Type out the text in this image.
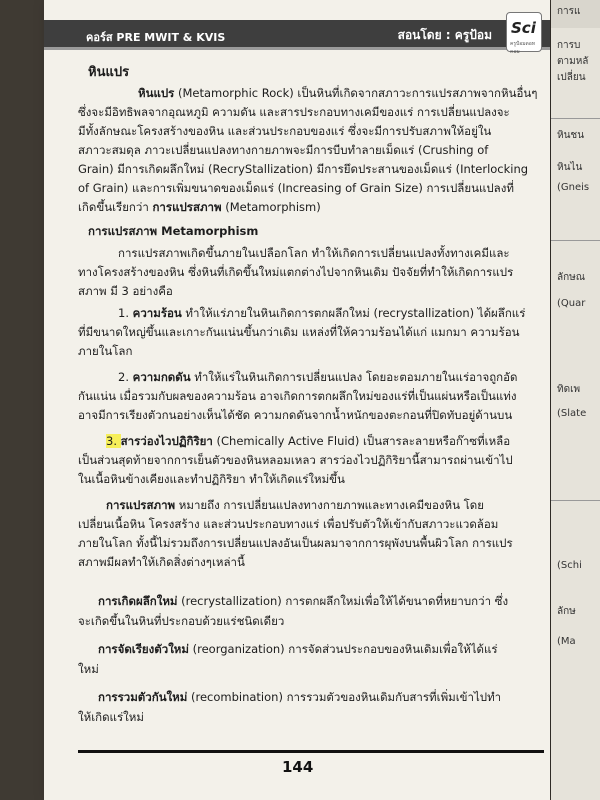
คอร์ส PRE MWIT & KVIS	สอนโดย : ครูป้อม Sci
ครูป้อมดอทคอม
การแ
การบ
ตามหลั
เปลี่ยน
หินชน
หินไน
(Gneis
ลักษณ
(Quar
ทิดเพ
(Slate
(Schi
ลักษ
(Ma
หินแปร
หินแปร (Metamorphic Rock) เป็นหินที่เกิดจากสภาวะการแปรสภาพจากหินอื่นๆ
ซึ่งจะมีอิทธิพลจากอุณหภูมิ ความดัน และสารประกอบทางเคมีของแร่ การเปลี่ยนแปลงจะ
มีทั้งลักษณะโครงสร้างของหิน และส่วนประกอบของแร่ ซึ่งจะมีการปรับสภาพให้อยู่ใน
สภาวะสมดุล ภาวะเปลี่ยนแปลงทางกายภาพจะมีการบีบทำลายเม็ดแร่ (Crushing of
Grain) มีการเกิดผลึกใหม่ (RecryStallization) มีการยึดประสานของเม็ดแร่ (Interlocking
of Grain) และการเพิ่มขนาดของเม็ดแร่ (Increasing of Grain Size) การเปลี่ยนแปลงที่
เกิดขึ้นเรียกว่า การแปรสภาพ (Metamorphism)
การแปรสภาพ Metamorphism
การแปรสภาพเกิดขึ้นภายในเปลือกโลก ทำให้เกิดการเปลี่ยนแปลงทั้งทางเคมีและ
ทางโครงสร้างของหิน ซึ่งหินที่เกิดขึ้นใหม่แตกต่างไปจากหินเดิม ปัจจัยที่ทำให้เกิดการแปร
สภาพ มี 3 อย่างคือ
1. ความร้อน ทำให้แร่ภายในหินเกิดการตกผลึกใหม่ (recrystallization) ได้ผลึกแร่
ที่มีขนาดใหญ่ขึ้นและเกาะกันแน่นขึ้นกว่าเดิม แหล่งที่ให้ความร้อนได้แก่ แมกมา ความร้อน
ภายในโลก
2. ความกดดัน ทำให้แร่ในหินเกิดการเปลี่ยนแปลง โดยอะตอมภายในแร่อาจถูกอัด
กันแน่น เมื่อรวมกับผลของความร้อน อาจเกิดการตกผลึกใหม่ของแร่ที่เป็นแผ่นหรือเป็นแท่ง
อาจมีการเรียงตัวกนอย่างเห็นได้ชัด ความกดดันจากน้ำหนักของตะกอนที่ปิดทับอยู่ด้านบน
3. สารว่องไวปฏิกิริยา (Chemically Active Fluid) เป็นสารละลายหรือก๊าซที่เหลือ
เป็นส่วนสุดท้ายจากการเย็นตัวของหินหลอมเหลว สารว่องไวปฏิกิริยานี้สามารถผ่านเข้าไป
ในเนื้อหินข้างเคียงและทำปฏิกิริยา ทำให้เกิดแร่ใหม่ขึ้น
การแปรสภาพ หมายถึง การเปลี่ยนแปลงทางกายภาพและทางเคมีของหิน โดย
เปลี่ยนเนื้อหิน โครงสร้าง และส่วนประกอบทางแร่ เพื่อปรับตัวให้เข้ากับสภาวะแวดล้อม
ภายในโลก ทั้งนี้ไม่รวมถึงการเปลี่ยนแปลงอันเป็นผลมาจากการผุพังบนพื้นผิวโลก การแปร
สภาพมีผลทำให้เกิดสิ่งต่างๆเหล่านี้
การเกิดผลึกใหม่ (recrystallization) การตกผลึกใหม่เพื่อให้ได้ขนาดที่หยาบกว่า ซึ่ง
จะเกิดขึ้นในหินที่ประกอบด้วยแร่ชนิดเดียว
การจัดเรียงตัวใหม่ (reorganization) การจัดส่วนประกอบของหินเดิมเพื่อให้ได้แร่
ใหม่
การรวมตัวกันใหม่ (recombination) การรวมตัวของหินเดิมกับสารที่เพิ่มเข้าไปทำ
ให้เกิดแร่ใหม่
144
